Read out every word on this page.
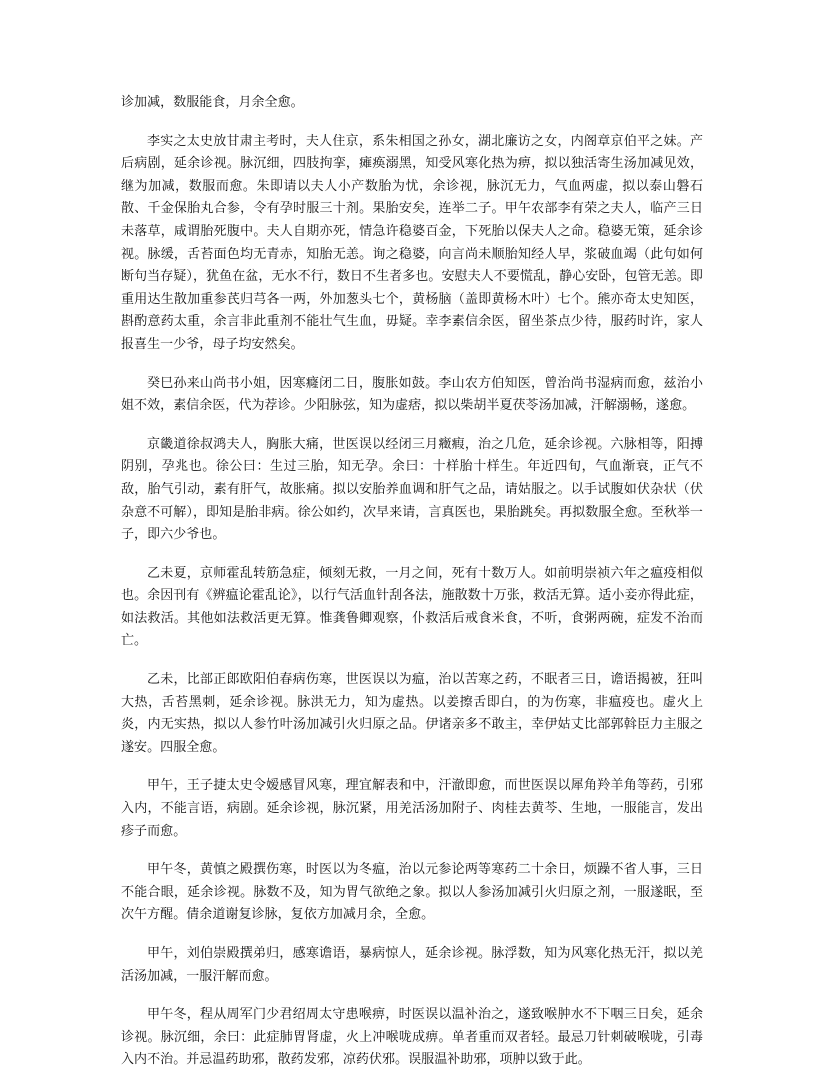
诊加减，数服能食，月余全愈。

李实之太史放甘肃主考时，夫人住京，系朱相国之孙女，湖北廉访之女，内阁章京伯平之妹。产后病剧，延余诊视。脉沉细，四肢拘挛，瘫痪溺黑，知受风寒化热为痹，拟以独活寄生汤加减见效，继为加减，数服而愈。朱即请以夫人小产数胎为忧，余诊视，脉沉无力，气血两虚，拟以泰山磐石散、千金保胎丸合参，令有孕时服三十剂。果胎安矣，连举二子。甲午农部李有荣之夫人，临产三日未落草，咸谓胎死腹中。夫人自期亦死，情急许稳婆百金，下死胎以保夫人之命。稳婆无策，延余诊视。脉缓，舌苔面色均无青赤，知胎无恙。询之稳婆，向言尚未顺胎知经人早，浆破血竭（此句如何断句当存疑），犹鱼在盆，无水不行，数日不生者多也。安慰夫人不要慌乱，静心安卧，包管无恙。即重用达生散加重参芪归芎各一两，外加葱头七个，黄杨脑（盖即黄杨木叶）七个。熊亦奇太史知医，斟酌意药太重，余言非此重剂不能壮气生血，毋疑。幸李素信余医，留坐茶点少待，服药时许，家人报喜生一少爷，母子均安然矣。

癸巳孙来山尚书小姐，因寒癃闭二日，腹胀如鼓。李山农方伯知医，曾治尚书湿病而愈，兹治小姐不效，素信余医，代为荐诊。少阳脉弦，知为虚痞，拟以柴胡半夏茯苓汤加减，汗解溺畅，遂愈。

京畿道徐叔鸿夫人，胸胀大痛，世医误以经闭三月癥瘕，治之几危，延余诊视。六脉相等，阳搏阴别，孕兆也。徐公曰：生过三胎，知无孕。余曰：十样胎十样生。年近四旬，气血渐衰，正气不敌，胎气引动，素有肝气，故胀痛。拟以安胎养血调和肝气之品，请姑服之。以手试腹如伏杂状（伏杂意不可解），即知是胎非病。徐公如约，次早来请，言真医也，果胎跳矣。再拟数服全愈。至秋举一子，即六少爷也。

乙未夏，京师霍乱转筋急症，倾刻无救，一月之间，死有十数万人。如前明崇祯六年之瘟疫相似也。余因刊有《辨瘟论霍乱论》，以行气活血针刮各法，施散数十万张，救活无算。适小妾亦得此症，如法救活。其他如法救活更无算。惟龚鲁卿观察，仆救活后戒食米食，不听，食粥两碗，症发不治而亡。

乙未，比部正郎欧阳伯春病伤寒，世医误以为瘟，治以苦寒之药，不眠者三日，谵语揭被，狂叫大热，舌苔黑刺，延余诊视。脉洪无力，知为虚热。以姜擦舌即白，的为伤寒，非瘟疫也。虚火上炎，内无实热，拟以人参竹叶汤加减引火归原之品。伊诸亲多不敢主，幸伊姑丈比部郭斡臣力主服之遂安。四服全愈。

甲午，王子捷太史令嫒感冒风寒，理宜解表和中，汗澈即愈，而世医误以犀角羚羊角等药，引邪入内，不能言语，病剧。延余诊视，脉沉紧，用羌活汤加附子、肉桂去黄芩、生地，一服能言，发出疹子而愈。

甲午冬，黄慎之殿撰伤寒，时医以为冬瘟，治以元参论两等寒药二十余日，烦躁不省人事，三日不能合眼，延余诊视。脉数不及，知为胃气欲绝之象。拟以人参汤加减引火归原之剂，一服遂眠，至次午方醒。倩余道谢复诊脉，复依方加减月余，全愈。

甲午，刘伯崇殿撰弟归，感寒谵语，暴病惊人，延余诊视。脉浮数，知为风寒化热无汗，拟以羌活汤加减，一服汗解而愈。

甲午冬，程从周军门少君绍周太守患喉痹，时医误以温补治之，遂致喉肿水不下咽三日矣，延余诊视。脉沉细，余曰：此症肺胃肾虚，火上冲喉咙成痹。单者重而双者轻。最忌刀针刺破喉咙，引毒入内不治。并忌温药助邪，散药发邪，凉药伏邪。误服温补助邪，项肿以致于此。
